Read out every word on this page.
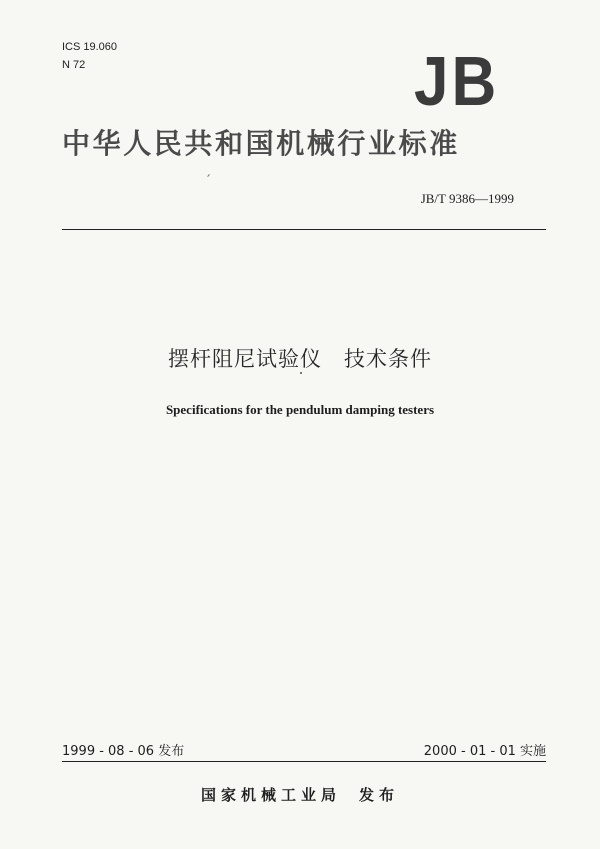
ICS 19.060
N 72	JB
中华人民共和国机械行业标准
JB/T 9386—1999
摆杆阻尼试验仪 技术条件
Specifications for the pendulum damping testers
1999 - 08 - 06 发布	2000 - 01 - 01 实施
国家机械工业局 发布
